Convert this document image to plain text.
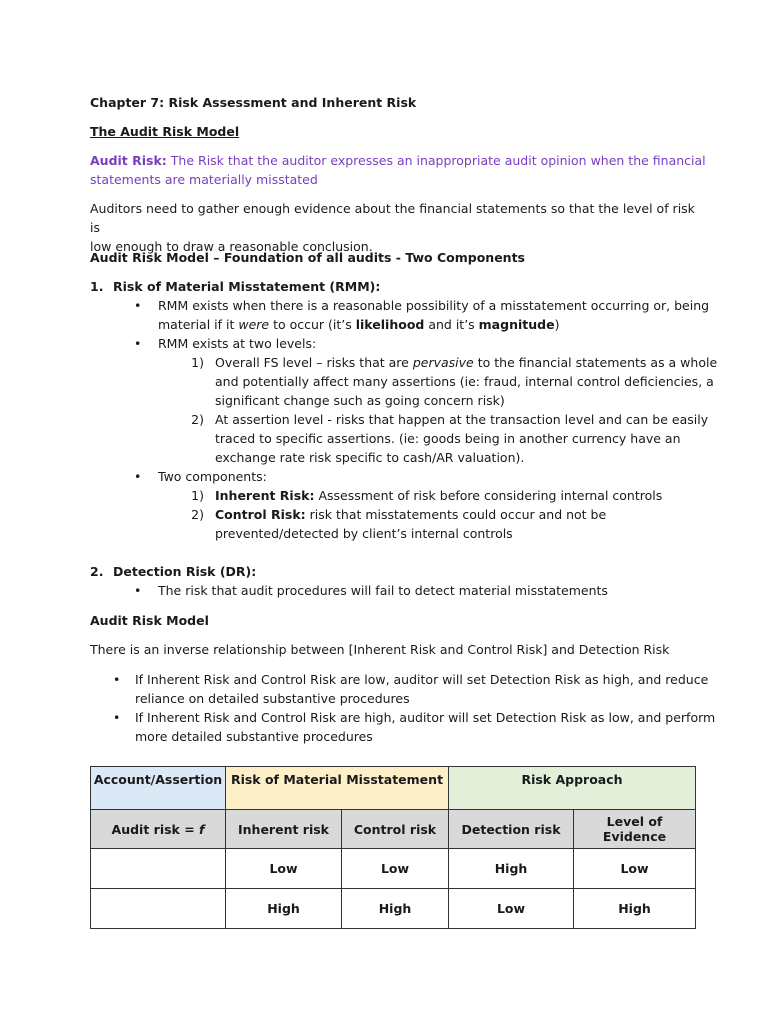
Chapter 7: Risk Assessment and Inherent Risk

The Audit Risk Model

Audit Risk: The Risk that the auditor expresses an inappropriate audit opinion when the financial

statements are materially misstated

Auditors need to gather enough evidence about the financial statements so that the level of risk is

low enough to draw a reasonable conclusion.

Audit Risk Model – Foundation of all audits - Two Components

1. Risk of Material Misstatement (RMM):
• RMM exists when there is a reasonable possibility of a misstatement occurring or, being
material if it were to occur (it’s likelihood and it’s magnitude)
• RMM exists at two levels:
1) Overall FS level – risks that are pervasive to the financial statements as a whole
and potentially affect many assertions (ie: fraud, internal control deficiencies, a
significant change such as going concern risk)
2) At assertion level - risks that happen at the transaction level and can be easily
traced to specific assertions. (ie: goods being in another currency have an
exchange rate risk specific to cash/AR valuation).
• Two components:
1) Inherent Risk: Assessment of risk before considering internal controls
2) Control Risk: risk that misstatements could occur and not be
prevented/detected by client’s internal controls
2. Detection Risk (DR):
• The risk that audit procedures will fail to detect material misstatements

Audit Risk Model

There is an inverse relationship between [Inherent Risk and Control Risk] and Detection Risk

• If Inherent Risk and Control Risk are low, auditor will set Detection Risk as high, and reduce
reliance on detailed substantive procedures
• If Inherent Risk and Control Risk are high, auditor will set Detection Risk as low, and perform
more detailed substantive procedures
Account/Assertion	Risk of Material Misstatement		Risk Approach	
Audit risk = f	Inherent risk	Control risk	Detection risk	Level of Evidence
	Low	Low	High	Low
	High	High	Low	High
